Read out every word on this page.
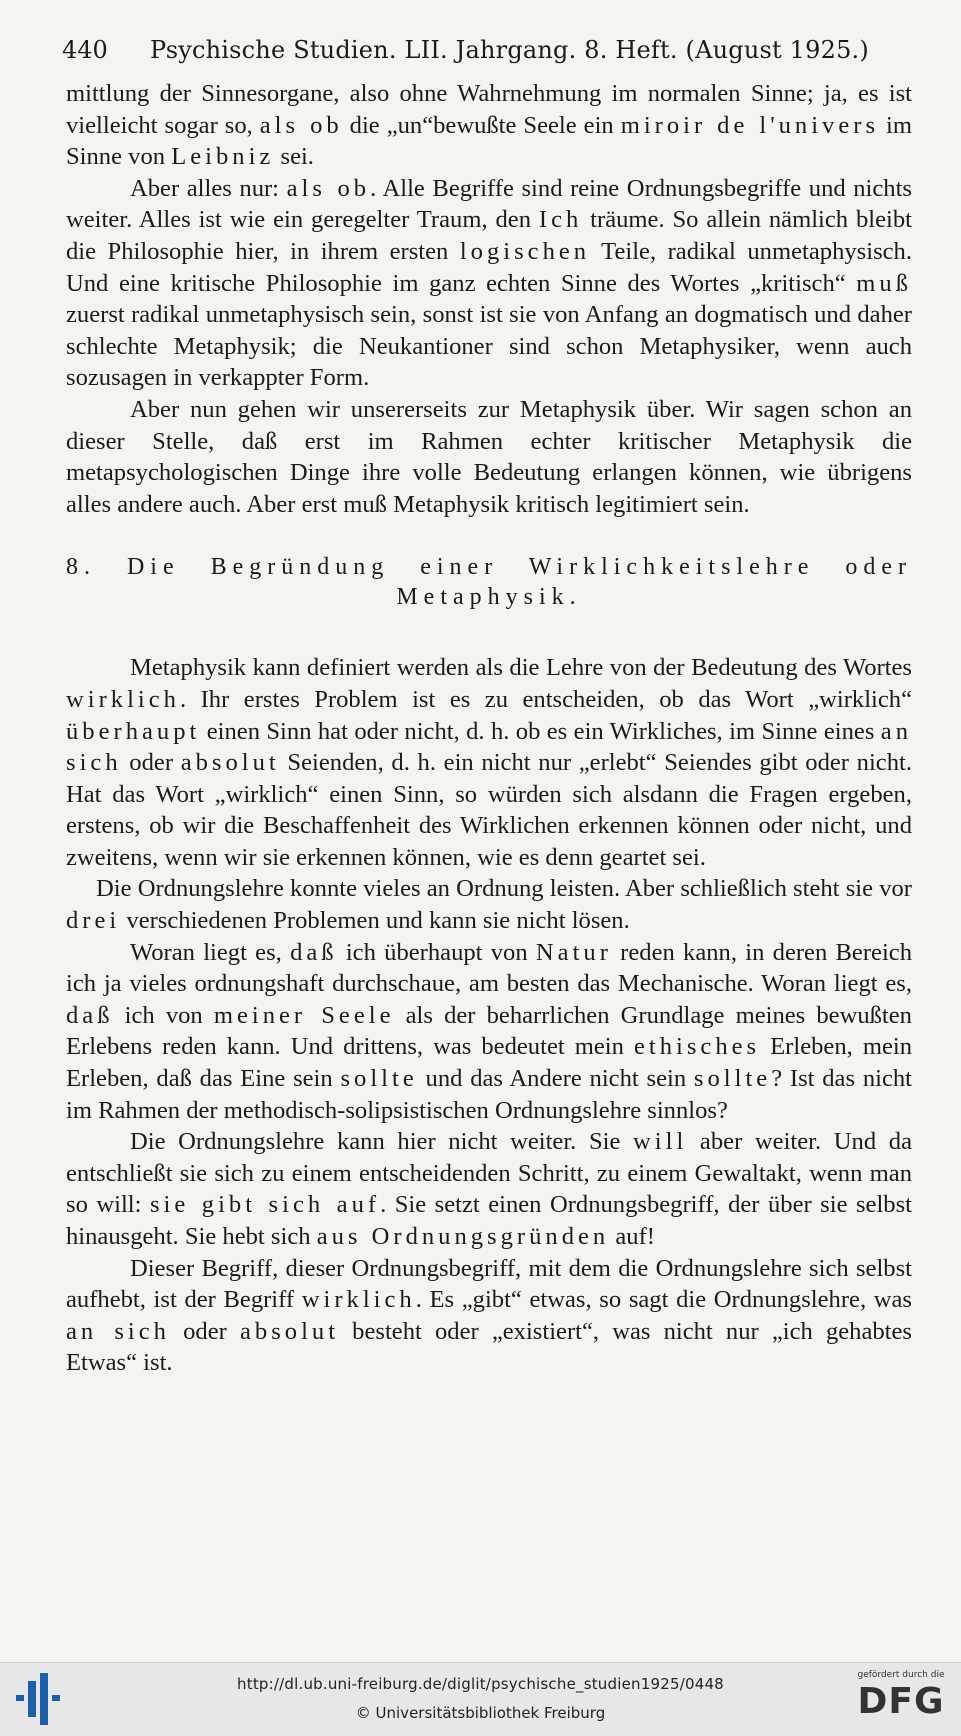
440 Psychische Studien. LII. Jahrgang. 8. Heft. (August 1925.)

mittlung der Sinnesorgane, also ohne Wahrnehmung im normalen Sinne; ja, es ist vielleicht sogar so, als ob die „un“bewußte Seele ein miroir de l'univers im Sinne von Leibniz sei.

Aber alles nur: als ob. Alle Begriffe sind reine Ordnungsbegriffe und nichts weiter. Alles ist wie ein geregelter Traum, den Ich träume. So allein nämlich bleibt die Philosophie hier, in ihrem ersten logischen Teile, radikal unmetaphysisch. Und eine kritische Philosophie im ganz echten Sinne des Wortes „kritisch“ muß zuerst radikal unmetaphysisch sein, sonst ist sie von Anfang an dogmatisch und daher schlechte Metaphysik; die Neukantioner sind schon Metaphysiker, wenn auch sozusagen in verkappter Form.

Aber nun gehen wir unsererseits zur Metaphysik über. Wir sagen schon an dieser Stelle, daß erst im Rahmen echter kritischer Metaphysik die metapsychologischen Dinge ihre volle Bedeutung erlangen können, wie übrigens alles andere auch. Aber erst muß Metaphysik kritisch legitimiert sein.

8. Die Begründung einer Wirklichkeitslehre oder
Metaphysik.

Metaphysik kann definiert werden als die Lehre von der Bedeutung des Wortes wirklich. Ihr erstes Problem ist es zu entscheiden, ob das Wort „wirklich“ überhaupt einen Sinn hat oder nicht, d. h. ob es ein Wirkliches, im Sinne eines an sich oder absolut Seienden, d. h. ein nicht nur „erlebt“ Seiendes gibt oder nicht. Hat das Wort „wirklich“ einen Sinn, so würden sich alsdann die Fragen ergeben, erstens, ob wir die Beschaffenheit des Wirklichen erkennen können oder nicht, und zweitens, wenn wir sie erkennen können, wie es denn geartet sei.

Die Ordnungslehre konnte vieles an Ordnung leisten. Aber schließlich steht sie vor drei verschiedenen Problemen und kann sie nicht lösen.

Woran liegt es, daß ich überhaupt von Natur reden kann, in deren Bereich ich ja vieles ordnungshaft durchschaue, am besten das Mechanische. Woran liegt es, daß ich von meiner Seele als der beharrlichen Grundlage meines bewußten Erlebens reden kann. Und drittens, was bedeutet mein ethisches Erleben, mein Erleben, daß das Eine sein sollte und das Andere nicht sein sollte? Ist das nicht im Rahmen der methodisch-solipsistischen Ordnungslehre sinnlos?

Die Ordnungslehre kann hier nicht weiter. Sie will aber weiter. Und da entschließt sie sich zu einem entscheidenden Schritt, zu einem Gewaltakt, wenn man so will: sie gibt sich auf. Sie setzt einen Ordnungsbegriff, der über sie selbst hinausgeht. Sie hebt sich aus Ordnungsgründen auf!

Dieser Begriff, dieser Ordnungsbegriff, mit dem die Ordnungslehre sich selbst aufhebt, ist der Begriff wirklich. Es „gibt“ etwas, so sagt die Ordnungslehre, was an sich oder absolut besteht oder „existiert“, was nicht nur „ich gehabtes Etwas“ ist.

http://dl.ub.uni-freiburg.de/diglit/psychische_studien1925/0448
© Universitätsbibliothek Freiburg
gefördert durch die
DFG
